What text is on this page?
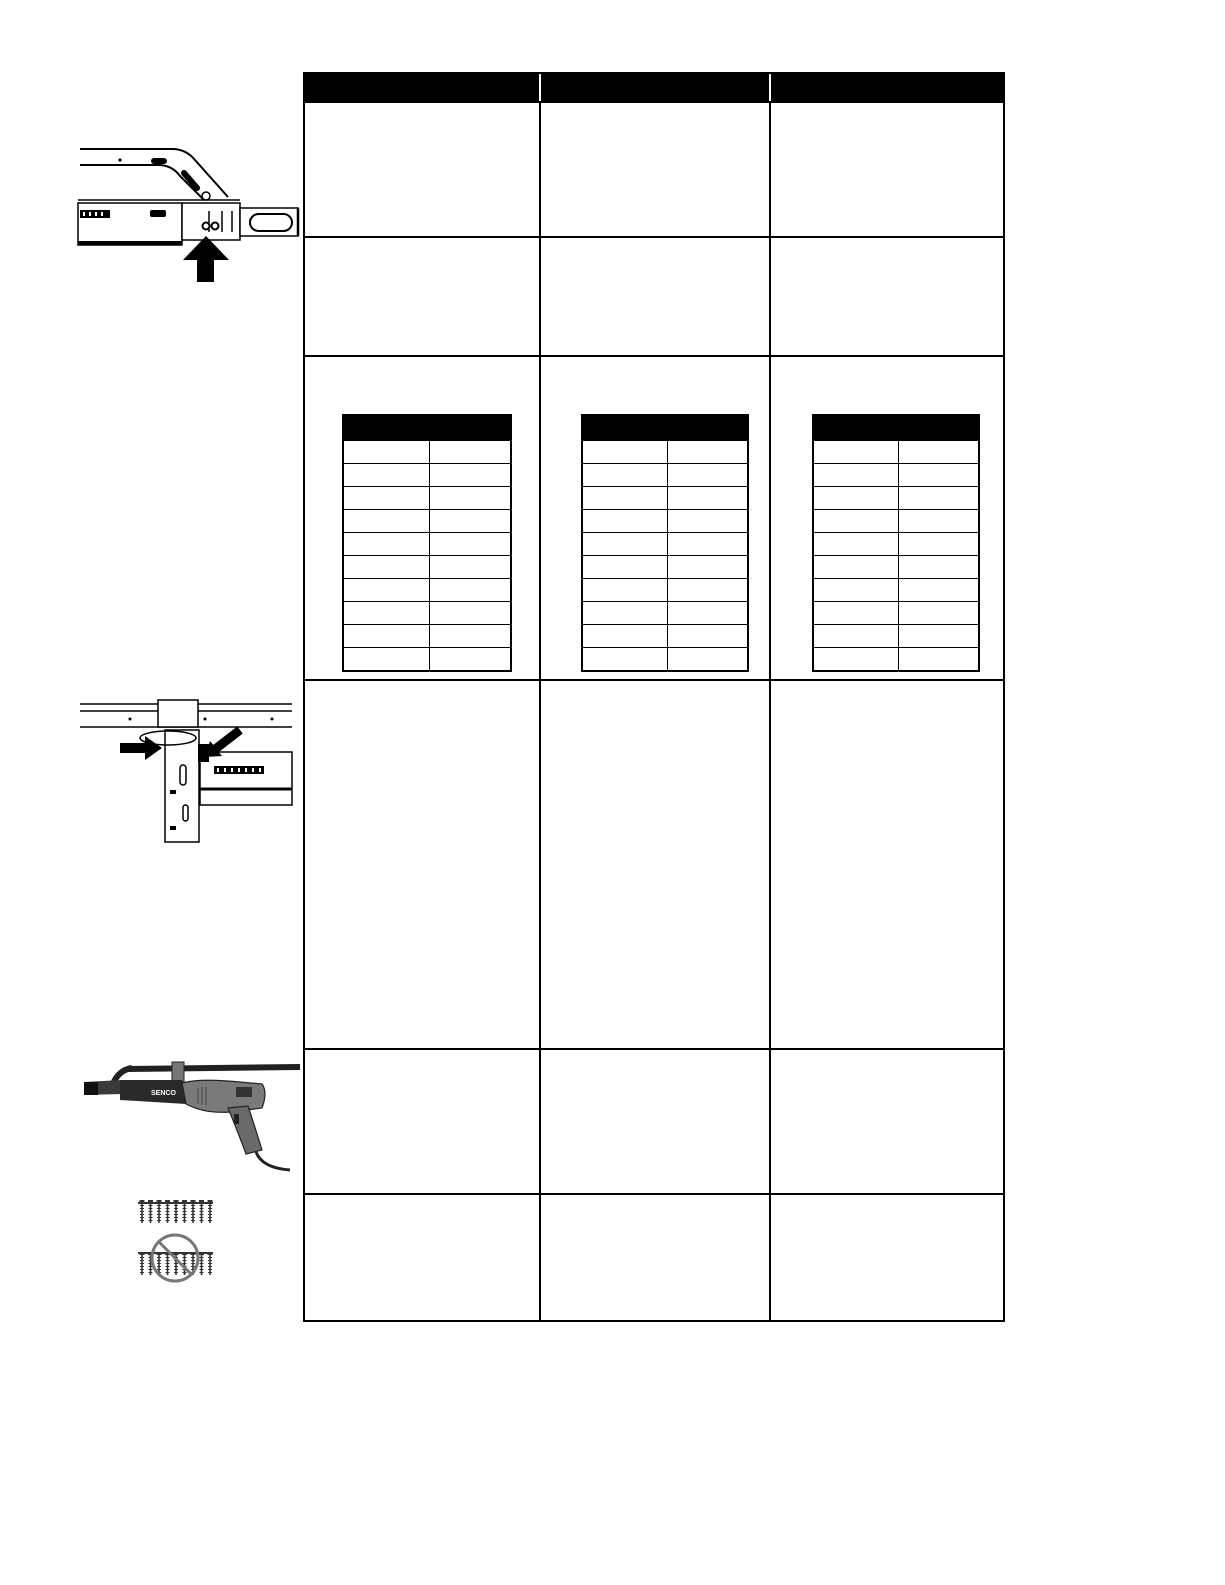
SENCO
